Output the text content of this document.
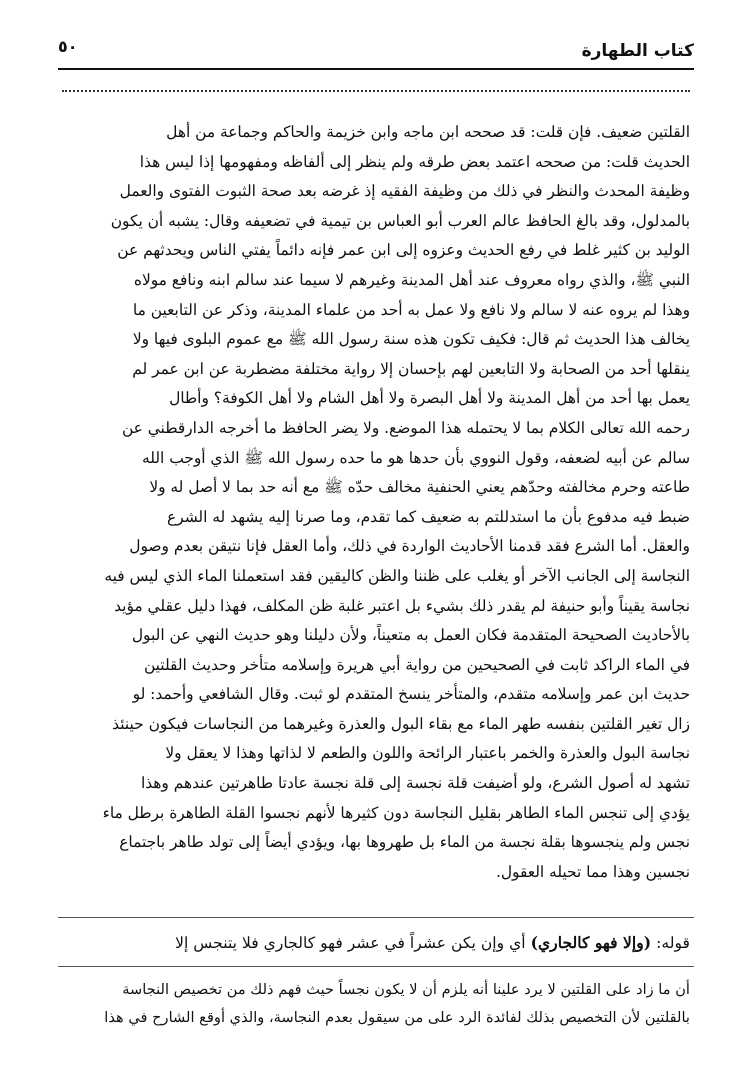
كتاب الطهارة
٥٠

القلتين ضعيف. فإن قلت: قد صححه ابن ماجه وابن خزيمة والحاكم وجماعة من أهل

الحديث قلت: من صححه اعتمد بعض طرقه ولم ينظر إلى ألفاظه ومفهومها إذا ليس هذا

وظيفة المحدث والنظر في ذلك من وظيفة الفقيه إذ غرضه بعد صحة الثبوت الفتوى والعمل

بالمدلول، وقد بالغ الحافظ عالم العرب أبو العباس بن تيمية في تضعيفه وقال: يشبه أن يكون

الوليد بن كثير غلط في رفع الحديث وعزوه إلى ابن عمر فإنه دائماً يفتي الناس ويحدثهم عن

النبي ﷺ، والذي رواه معروف عند أهل المدينة وغيرهم لا سيما عند سالم ابنه ونافع مولاه

وهذا لم يروه عنه لا سالم ولا نافع ولا عمل به أحد من علماء المدينة، وذكر عن التابعين ما

يخالف هذا الحديث ثم قال: فكيف تكون هذه سنة رسول الله ﷺ مع عموم البلوى فيها ولا

ينقلها أحد من الصحابة ولا التابعين لهم بإحسان إلا رواية مختلفة مضطربة عن ابن عمر لم

يعمل بها أحد من أهل المدينة ولا أهل البصرة ولا أهل الشام ولا أهل الكوفة؟ وأطال

رحمه الله تعالى الكلام بما لا يحتمله هذا الموضع. ولا يضر الحافظ ما أخرجه الدارقطني عن

سالم عن أبيه لضعفه، وقول النووي بأن حدها هو ما حده رسول الله ﷺ الذي أوجب الله

طاعته وحرم مخالفته وحدّهم يعني الحنفية مخالف حدّه ﷺ مع أنه حد بما لا أصل له ولا

ضبط فيه مدفوع بأن ما استدللتم به ضعيف كما تقدم، وما صرنا إليه يشهد له الشرع

والعقل. أما الشرع فقد قدمنا الأحاديث الواردة في ذلك، وأما العقل فإنا نتيقن بعدم وصول

النجاسة إلى الجانب الآخر أو يغلب على ظننا والظن كاليقين فقد استعملنا الماء الذي ليس فيه

نجاسة يقيناً وأبو حنيفة لم يقدر ذلك بشيء بل اعتبر غلبة ظن المكلف، فهذا دليل عقلي مؤيد

بالأحاديث الصحيحة المتقدمة فكان العمل به متعيناً، ولأن دليلنا وهو حديث النهي عن البول

في الماء الراكد ثابت في الصحيحين من رواية أبي هريرة وإسلامه متأخر وحديث القلتين

حديث ابن عمر وإسلامه متقدم، والمتأخر ينسخ المتقدم لو ثبت. وقال الشافعي وأحمد: لو

زال تغير القلتين بنفسه طهر الماء مع بقاء البول والعذرة وغيرهما من النجاسات فيكون حينئذ

نجاسة البول والعذرة والخمر باعتبار الرائحة واللون والطعم لا لذاتها وهذا لا يعقل ولا

تشهد له أصول الشرع، ولو أضيفت قلة نجسة إلى قلة نجسة عادتا طاهرتين عندهم وهذا

يؤدي إلى تنجس الماء الطاهر بقليل النجاسة دون كثيرها لأنهم نجسوا القلة الطاهرة برطل ماء

نجس ولم ينجسوها بقلة نجسة من الماء بل طهروها بها، ويؤدي أيضاً إلى تولد طاهر باجتماع

نجسين وهذا مما تحيله العقول.

قوله: (وإلا فهو كالجاري) أي وإن يكن عشراً في عشر فهو كالجاري فلا يتنجس إلا

أن ما زاد على القلتين لا يرد علينا أنه يلزم أن لا يكون نجساً حيث فهم ذلك من تخصيص النجاسة

بالقلتين لأن التخصيص بذلك لفائدة الرد على من سيقول بعدم النجاسة، والذي أوقع الشارح في هذا
